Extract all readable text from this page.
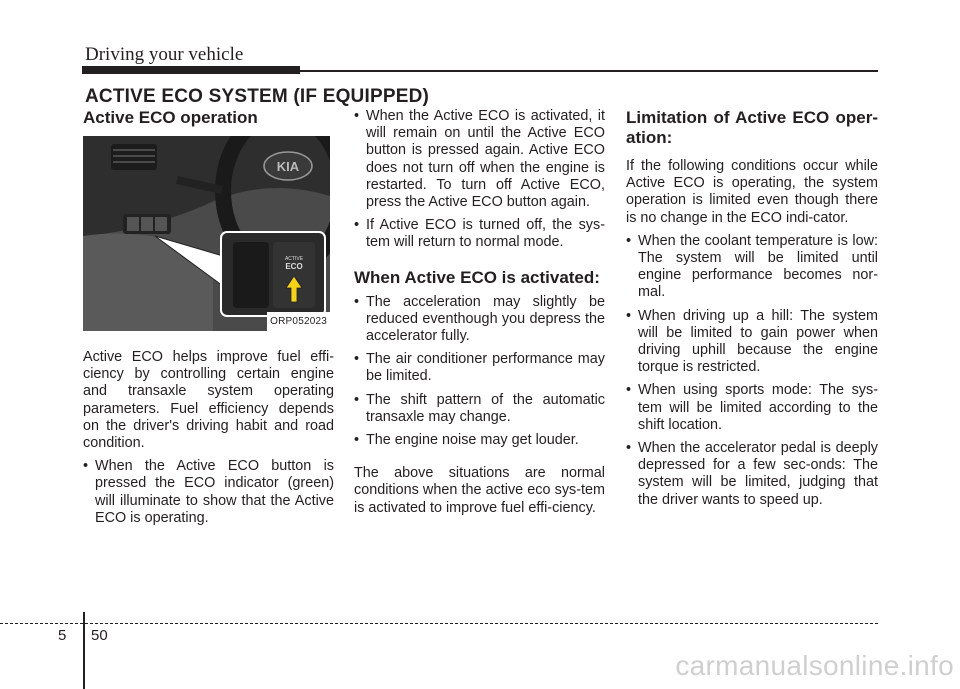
Driving your vehicle
ACTIVE ECO SYSTEM (IF EQUIPPED)
Active ECO operation
KIA
ACTIVE
ECO
ORP052023

Active ECO helps improve fuel effi-ciency by controlling certain engine and transaxle system operating parameters. Fuel efficiency depends on the driver's driving habit and road condition.

• When the Active ECO button is pressed the ECO indicator (green) will illuminate to show that the Active ECO is operating.
• When the Active ECO is activated, it will remain on until the Active ECO button is pressed again. Active ECO does not turn off when the engine is restarted. To turn off Active ECO, press the Active ECO button again.
• If Active ECO is turned off, the sys-tem will return to normal mode.
When Active ECO is activated:
• The acceleration may slightly be reduced eventhough you depress the accelerator fully.
• The air conditioner performance may be limited.
• The shift pattern of the automatic transaxle may change.
• The engine noise may get louder.

The above situations are normal conditions when the active eco sys-tem is activated to improve fuel effi-ciency.

Limitation of Active ECO oper-ation:

If the following conditions occur while Active ECO is operating, the system operation is limited even though there is no change in the ECO indi-cator.

• When the coolant temperature is low: The system will be limited until engine performance becomes nor-mal.
• When driving up a hill: The system will be limited to gain power when driving uphill because the engine torque is restricted.
• When using sports mode: The sys-tem will be limited according to the shift location.
• When the accelerator pedal is deeply depressed for a few sec-onds: The system will be limited, judging that the driver wants to speed up.
5 50
carmanualsonline.info
